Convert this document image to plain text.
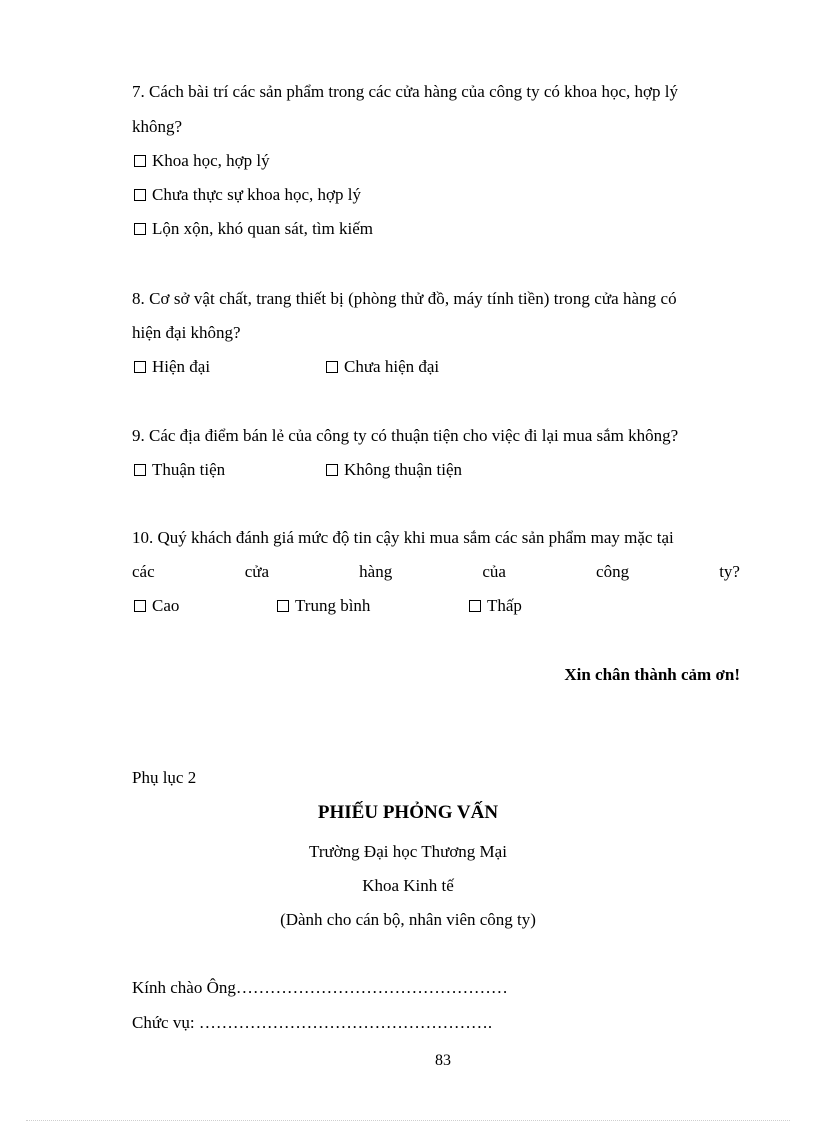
7. Cách bài trí các sản phẩm trong các cửa hàng của công ty có khoa học, hợp lý
không?
Khoa học, hợp lý
Chưa thực sự khoa học, hợp lý
Lộn xộn, khó quan sát, tìm kiếm
8. Cơ sở vật chất, trang thiết bị (phòng thử đồ, máy tính tiền) trong cửa hàng có
hiện đại không?
Hiện đại	Chưa hiện đại
9. Các địa điểm bán lẻ của công ty có thuận tiện cho việc đi lại mua sắm không?
Thuận tiện	Không thuận tiện
10. Quý khách đánh giá mức độ tin cậy khi mua sắm các sản phẩm may mặc tại
các	cửa	hàng	của	công	ty?
Cao	Trung bình	Thấp
Xin chân thành cảm ơn!
Phụ lục 2
PHIẾU PHỎNG VẤN
Trường Đại học Thương Mại
Khoa Kinh tế
(Dành cho cán bộ, nhân viên công ty)
Kính chào Ông…………………………………………
Chức vụ: …………………………………………….
83
